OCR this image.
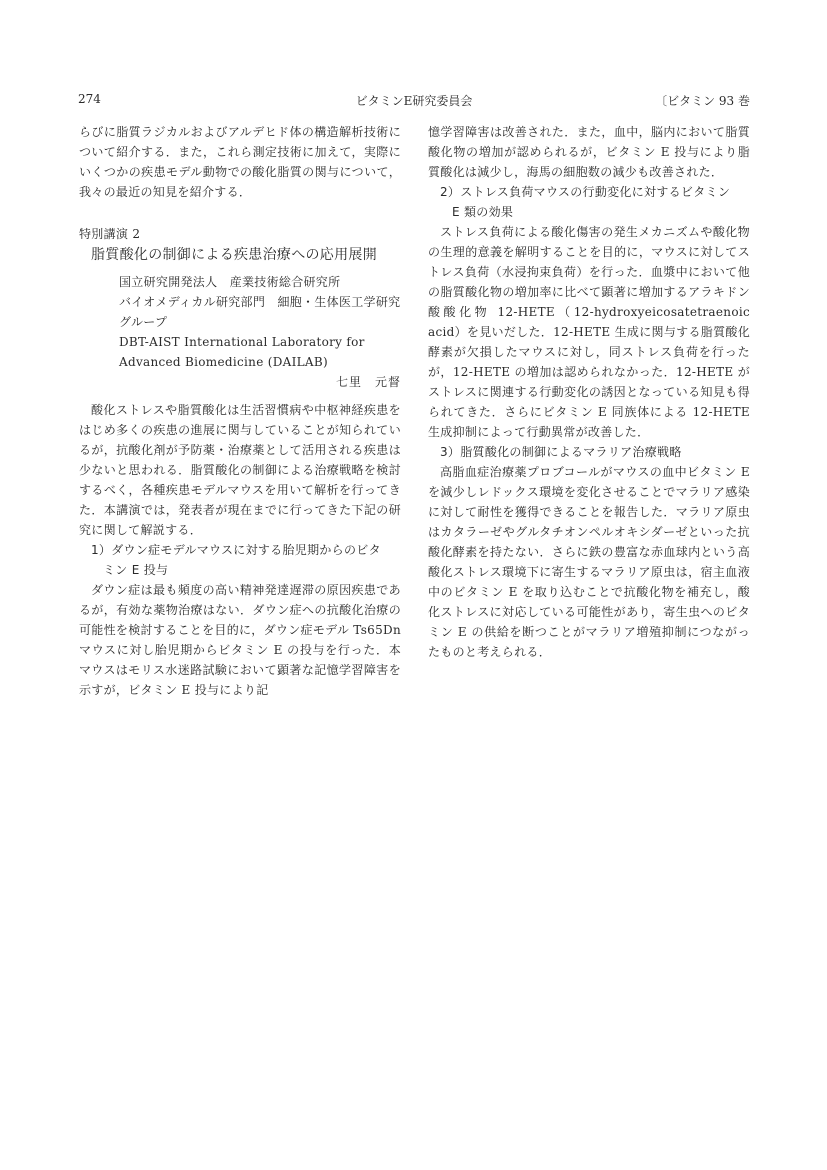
274	ビタミンE研究委員会	〔ビタミン 93 巻

らびに脂質ラジカルおよびアルデヒド体の構造解析技術について紹介する．また，これら測定技術に加えて，実際にいくつかの疾患モデル動物での酸化脂質の関与について，我々の最近の知見を紹介する．

特別講演 2

脂質酸化の制御による疾患治療への応用展開

国立研究開発法人　産業技術総合研究所

バイオメディカル研究部門　細胞・生体医工学研究グループ

DBT-AIST International Laboratory for Advanced Biomedicine (DAILAB)

七里　元督

酸化ストレスや脂質酸化は生活習慣病や中枢神経疾患をはじめ多くの疾患の進展に関与していることが知られているが，抗酸化剤が予防薬・治療薬として活用される疾患は少ないと思われる．脂質酸化の制御による治療戦略を検討するべく，各種疾患モデルマウスを用いて解析を行ってきた．本講演では，発表者が現在までに行ってきた下記の研究に関して解説する．

1）ダウン症モデルマウスに対する胎児期からのビタ
ミン E 投与

ダウン症は最も頻度の高い精神発達遅滞の原因疾患であるが，有効な薬物治療はない．ダウン症への抗酸化治療の可能性を検討することを目的に，ダウン症モデル Ts65Dn マウスに対し胎児期からビタミン E の投与を行った．本マウスはモリス水迷路試験において顕著な記憶学習障害を示すが，ビタミン E 投与により記

憶学習障害は改善された．また，血中，脳内において脂質酸化物の増加が認められるが，ビタミン E 投与により脂質酸化は減少し，海馬の細胞数の減少も改善された．

2）ストレス負荷マウスの行動変化に対するビタミン
E 類の効果

ストレス負荷による酸化傷害の発生メカニズムや酸化物の生理的意義を解明することを目的に，マウスに対してストレス負荷（水浸拘束負荷）を行った．血漿中において他の脂質酸化物の増加率に比べて顕著に増加するアラキドン酸酸化物 12-HETE（12-hydroxyeicosatetraenoic acid）を見いだした．12-HETE 生成に関与する脂質酸化酵素が欠損したマウスに対し，同ストレス負荷を行ったが，12-HETE の増加は認められなかった．12-HETE がストレスに関連する行動変化の誘因となっている知見も得られてきた．さらにビタミン E 同族体による 12-HETE 生成抑制によって行動異常が改善した．

3）脂質酸化の制御によるマラリア治療戦略

高脂血症治療薬プロブコールがマウスの血中ビタミン E を減少しレドックス環境を変化させることでマラリア感染に対して耐性を獲得できることを報告した．マラリア原虫はカタラーゼやグルタチオンペルオキシダーゼといった抗酸化酵素を持たない．さらに鉄の豊富な赤血球内という高酸化ストレス環境下に寄生するマラリア原虫は，宿主血液中のビタミン E を取り込むことで抗酸化物を補充し，酸化ストレスに対応している可能性があり，寄生虫へのビタミン E の供給を断つことがマラリア増殖抑制につながったものと考えられる．
